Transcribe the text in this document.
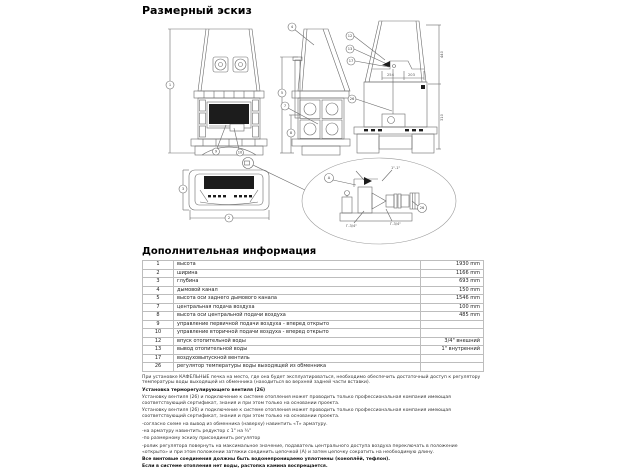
Размерный эскиз
1
9	10
4
5
7
8
254	203
440
310
12
13
17
26
2
3
1"-1"
Г-3/4"	Г-3/4"
A
26
Дополнительная информация
1	высота	1930 mm
2	ширина	1166 mm
3	глубина	693 mm
4	дымовой канал	150 mm
5	высота оси заднего дымового канала	1546 mm
7	центральная подача воздуха	100 mm
8	высота оси центральной подачи воздуха	485 mm
9	управление первичной подачи воздуха - вперед открыто	
10	управление вторичной подачи воздуха - вперед открыто	
12	впуск отопительной воды	3/4" внешний
13	вывод отопительной воды	1" внутренний
17	воздуховыпускной вентиль	
26	регулятор температуры воды выходящей из обменника	

При установке КАФЕЛЬНЫЕ печка на место, где она будет эксплуатироваться, необходимо обеспечить достаточный доступ к регулятору температуры воды выходящей из обменника (находиться во верхней задней части вставки).

Установка терморегулирующего вентиля (26)

Установку вентиля (26) и подключение к системе отопления может проводить только профессиональная компания имеющая соответствующий сертификат, знания и при этом только на основании проекта.

Установку вентиля (26) и подключение к системе отопления может проводить только профессиональная компания имеющая соответствующий сертификат, знания и при этом только на основании проекта.

-согласно схеме на вывод из обменника (наверху) навинтить «Т» арматуру.

-на арматуру навинтить редуктор с 1" на ¾"

-по размерному эскизу присоединить регулятор

-ролик регулятора повернуть на максимальное значение, подаватель центрального доступа воздуха переключать в положение «открыто» и при этом положении затяжки соединить цепочкой (А) и затем цепочку сократить на необходимую длину.

Все винтовые соединения должны быть водонепроницаемо уплотнены (коноплёй, тефлон).

Если в системе отопления нет воды, растопка камина воспрещается.
